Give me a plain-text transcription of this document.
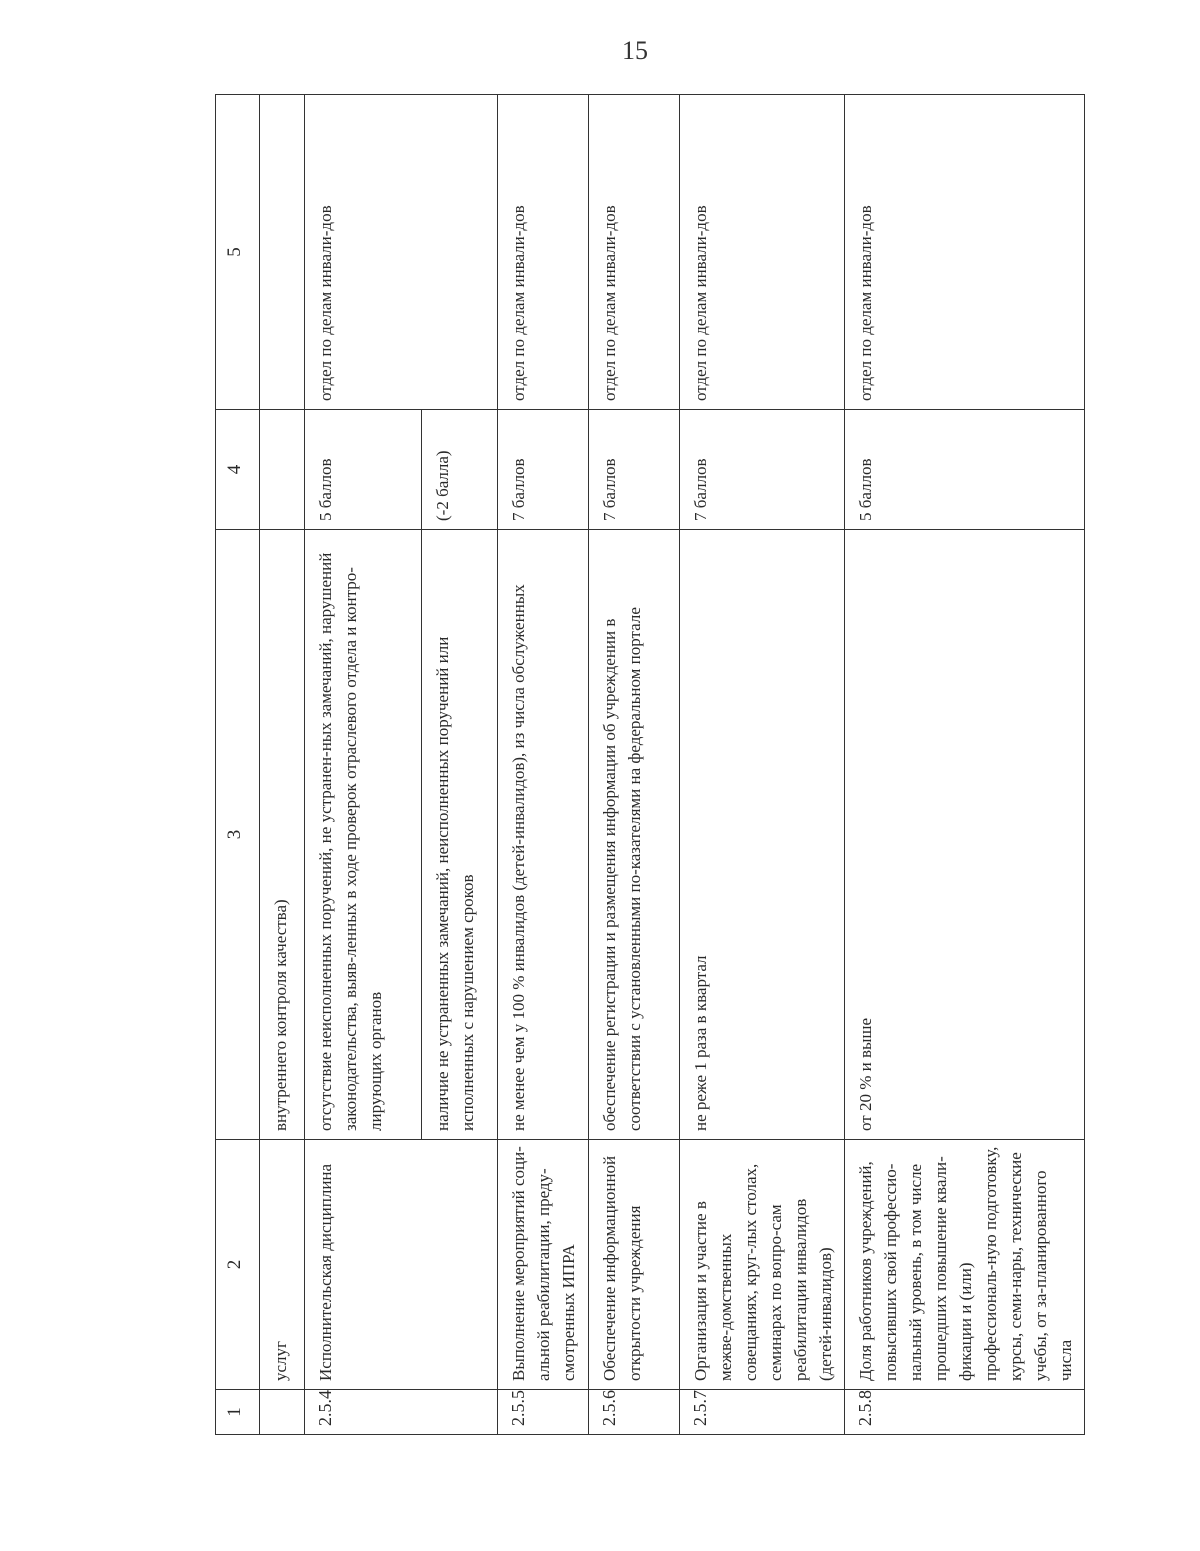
15
1	2	3	4	5
	услуг	внутреннего контроля качества)		
2.5.4	Исполнительская дисциплина	отсутствие неисполненных поручений, не устранен-ных замечаний, нарушений законодательства, выяв-ленных в ходе проверок отраслевого отдела и контро-лирующих органов	5 баллов	отдел по делам инвали-дов
		наличие не устраненных замечаний, неисполненных поручений или исполненных с нарушением сроков	(-2 балла)	
2.5.5	Выполнение мероприятий соци-альной реабилитации, преду-смотренных ИПРА	не менее чем у 100 % инвалидов (детей-инвалидов), из числа обслуженных	7 баллов	отдел по делам инвали-дов
2.5.6	Обеспечение информационной открытости учреждения	обеспечение регистрации и размещения информации об учреждении в соответствии с установленными по-казателями на федеральном портале	7 баллов	отдел по делам инвали-дов
2.5.7	Организация и участие в межве-домственных совещаниях, круг-лых столах, семинарах по вопро-сам реабилитации инвалидов (детей-инвалидов)	не реже 1 раза в квартал	7 баллов	отдел по делам инвали-дов
2.5.8	Доля работников учреждений, повысивших свой профессио-нальный уровень, в том числе прошедших повышение квали-фикации и (или) профессиональ-ную подготовку, курсы, семи-нары, технические учебы, от за-планированного числа	от 20 % и выше	5 баллов	отдел по делам инвали-дов
